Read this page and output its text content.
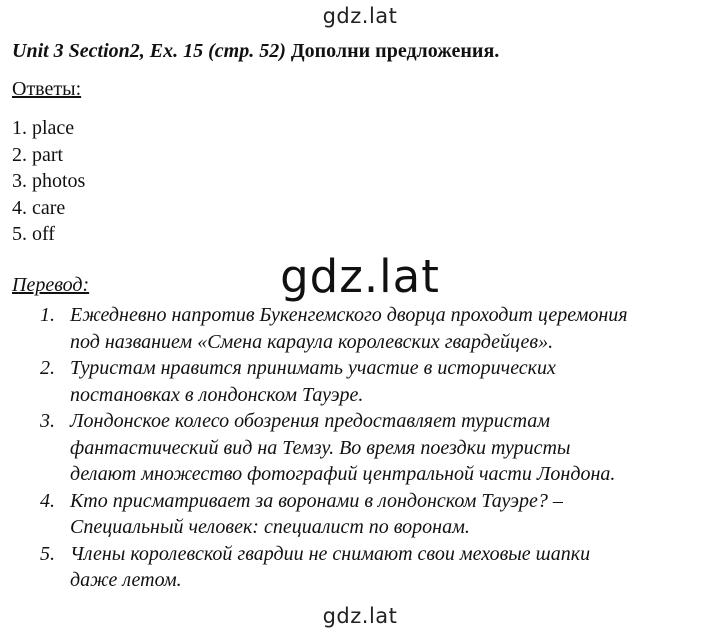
gdz.lat
Unit 3 Section2, Ex. 15 (стр. 52) Дополни предложения.
Ответы:
1. place
2. part
3. photos
4. care
5. off
Перевод:	gdz.lat
1. Ежедневно напротив Букенгемского дворца проходит церемония
под названием «Смена караула королевских гвардейцев».
2. Туристам нравится принимать участие в исторических
постановках в лондонском Тауэре.
3. Лондонское колесо обозрения предоставляет туристам
фантастический вид на Темзу. Во время поездки туристы
делают множество фотографий центральной части Лондона.
4. Кто присматривает за воронами в лондонском Тауэре? –
Специальный человек: специалист по воронам.
5. Члены королевской гвардии не снимают свои меховые шапки
даже летом.
gdz.lat
